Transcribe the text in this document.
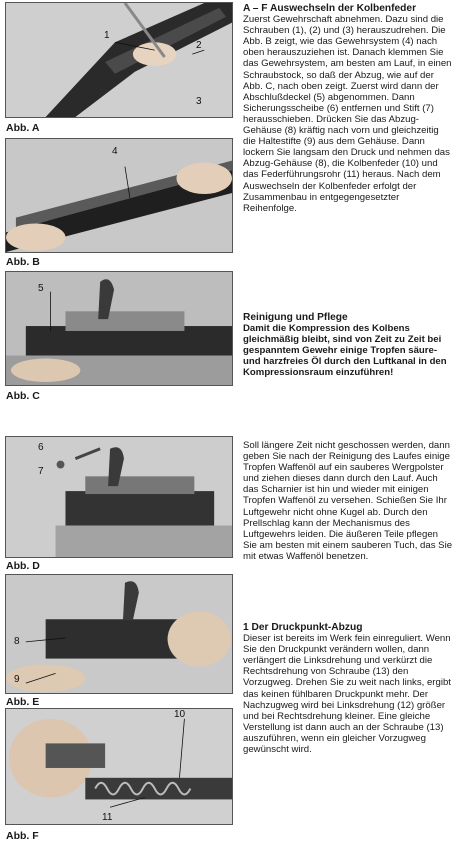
1
2
3
Abb. A
4
Abb. B
5
Abb. C
6
7
Abb. D
8
9
Abb. E
10
11
Abb. F

A – F Auswechseln der Kolbenfeder

Zuerst Gewehrschaft abnehmen. Dazu sind die Schrauben (1), (2) und (3) herauszudrehen. Die Abb. B zeigt, wie das Gewehrsystem (4) nach oben herauszuziehen ist. Danach klemmen Sie das Gewehrsystem, am besten am Lauf, in einen Schraubstock, so daß der Abzug, wie auf der Abb. C, nach oben zeigt. Zuerst wird dann der Abschlußdeckel (5) abgenommen. Dann Sicherungsscheibe (6) entfernen und Stift (7) herausschieben. Drücken Sie das Abzug-Gehäuse (8) kräftig nach vorn und gleichzeitig die Haltestifte (9) aus dem Gehäuse. Dann lockern Sie langsam den Druck und nehmen das Abzug-Gehäuse (8), die Kolbenfeder (10) und das Federführungsrohr (11) heraus. Nach dem Auswechseln der Kolbenfeder erfolgt der Zusammenbau in entgegengesetzter Reihenfolge.

Reinigung und Pflege

Damit die Kompression des Kolbens gleichmäßig bleibt, sind von Zeit zu Zeit bei gespanntem Gewehr einige Tropfen säure- und harzfreies Öl durch den Luftkanal in den Kompressionsraum einzuführen!

Soll längere Zeit nicht geschossen werden, dann geben Sie nach der Reinigung des Laufes einige Tropfen Waffenöl auf ein sauberes Wergpolster und ziehen dieses dann durch den Lauf. Auch das Scharnier ist hin und wieder mit einigen Tropfen Waffenöl zu versehen. Schießen Sie Ihr Luftgewehr nicht ohne Kugel ab. Durch den Prellschlag kann der Mechanismus des Luftgewehrs leiden. Die äußeren Teile pflegen Sie am besten mit einem sauberen Tuch, das Sie mit etwas Waffenöl benetzen.

1 Der Druckpunkt-Abzug

Dieser ist bereits im Werk fein einreguliert. Wenn Sie den Druckpunkt verändern wollen, dann verlängert die Linksdrehung und verkürzt die Rechtsdrehung von Schraube (13) den Vorzugweg. Drehen Sie zu weit nach links, ergibt das keinen fühlbaren Druckpunkt mehr. Der Nachzugweg wird bei Linksdrehung (12) größer und bei Rechtsdrehung kleiner. Eine gleiche Verstellung ist dann auch an der Schraube (13) auszuführen, wenn ein gleicher Vorzugweg gewünscht wird.
